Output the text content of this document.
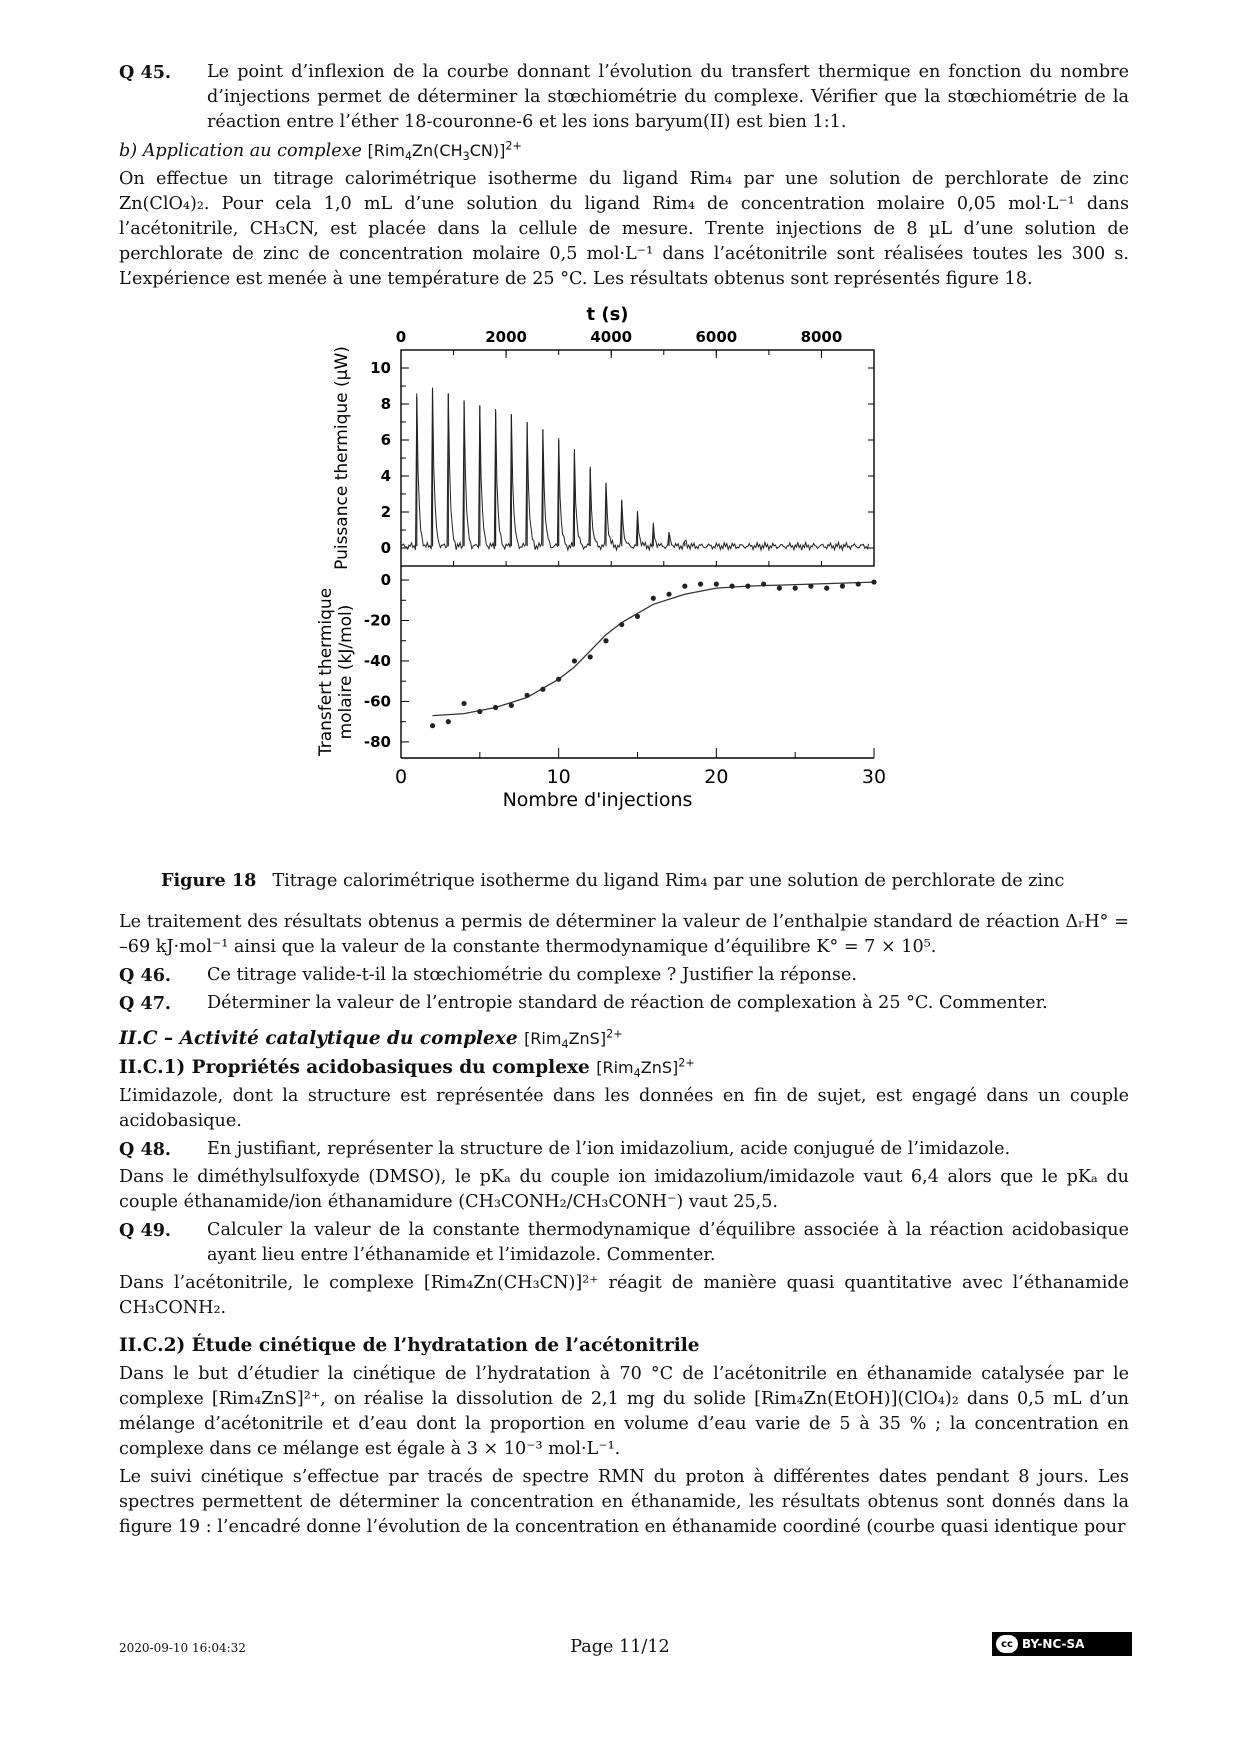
Q 45.	Le point d’inflexion de la courbe donnant l’évolution du transfert thermique en fonction du nombre d’injections permet de déterminer la stœchiométrie du complexe. Vérifier que la stœchiométrie de la réaction entre l’éther 18-couronne-6 et les ions baryum(II) est bien 1:1.

b) Application au complexe $[Rim_4Zn(CH_3CN)]^{2+}$

On effectue un titrage calorimétrique isotherme du ligand Rim₄ par une solution de perchlorate de zinc Zn(ClO₄)₂. Pour cela 1,0 mL d’une solution du ligand Rim₄ de concentration molaire 0,05 mol·L⁻¹ dans l’acétonitrile, CH₃CN, est placée dans la cellule de mesure. Trente injections de 8 µL d’une solution de perchlorate de zinc de concentration molaire 0,5 mol·L⁻¹ dans l’acétonitrile sont réalisées toutes les 300 s. L’expérience est menée à une température de 25 °C. Les résultats obtenus sont représentés figure 18.

t (s)
0	2000	4000	6000	8000
0
2
4
6
8
10
Puissance thermique (µW)
0
-20
-40
-60
-80
Transfert thermique molaire (kJ/mol)
0	10	20	30
Nombre d'injections

Figure 18 Titrage calorimétrique isotherme du ligand Rim₄ par une solution de perchlorate de zinc

Le traitement des résultats obtenus a permis de déterminer la valeur de l’enthalpie standard de réaction ΔᵣH° = –69 kJ·mol⁻¹ ainsi que la valeur de la constante thermodynamique d’équilibre K° = 7 × 10⁵.

Q 46.	Ce titrage valide-t-il la stœchiométrie du complexe ? Justifier la réponse.
Q 47.	Déterminer la valeur de l’entropie standard de réaction de complexation à 25 °C. Commenter.
II.C – Activité catalytique du complexe $[Rim_4ZnS]^{2+}$
II.C.1) Propriétés acidobasiques du complexe $[Rim_4ZnS]^{2+}$

L’imidazole, dont la structure est représentée dans les données en fin de sujet, est engagé dans un couple acidobasique.

Q 48.	En justifiant, représenter la structure de l’ion imidazolium, acide conjugué de l’imidazole.

Dans le diméthylsulfoxyde (DMSO), le pKₐ du couple ion imidazolium/imidazole vaut 6,4 alors que le pKₐ du couple éthanamide/ion éthanamidure (CH₃CONH₂/CH₃CONH⁻) vaut 25,5.

Q 49.	Calculer la valeur de la constante thermodynamique d’équilibre associée à la réaction acidobasique ayant lieu entre l’éthanamide et l’imidazole. Commenter.

Dans l’acétonitrile, le complexe [Rim₄Zn(CH₃CN)]²⁺ réagit de manière quasi quantitative avec l’éthanamide CH₃CONH₂.

II.C.2) Étude cinétique de l’hydratation de l’acétonitrile

Dans le but d’étudier la cinétique de l’hydratation à 70 °C de l’acétonitrile en éthanamide catalysée par le complexe [Rim₄ZnS]²⁺, on réalise la dissolution de 2,1 mg du solide [Rim₄Zn(EtOH)](ClO₄)₂ dans 0,5 mL d’un mélange d’acétonitrile et d’eau dont la proportion en volume d’eau varie de 5 à 35 % ; la concentration en complexe dans ce mélange est égale à 3 × 10⁻³ mol·L⁻¹.

Le suivi cinétique s’effectue par tracés de spectre RMN du proton à différentes dates pendant 8 jours. Les spectres permettent de déterminer la concentration en éthanamide, les résultats obtenus sont donnés dans la figure 19 : l’encadré donne l’évolution de la concentration en éthanamide coordiné (courbe quasi identique pour

2020-09-10 16:04:32	Page 11/12	cc BY-NC-SA
